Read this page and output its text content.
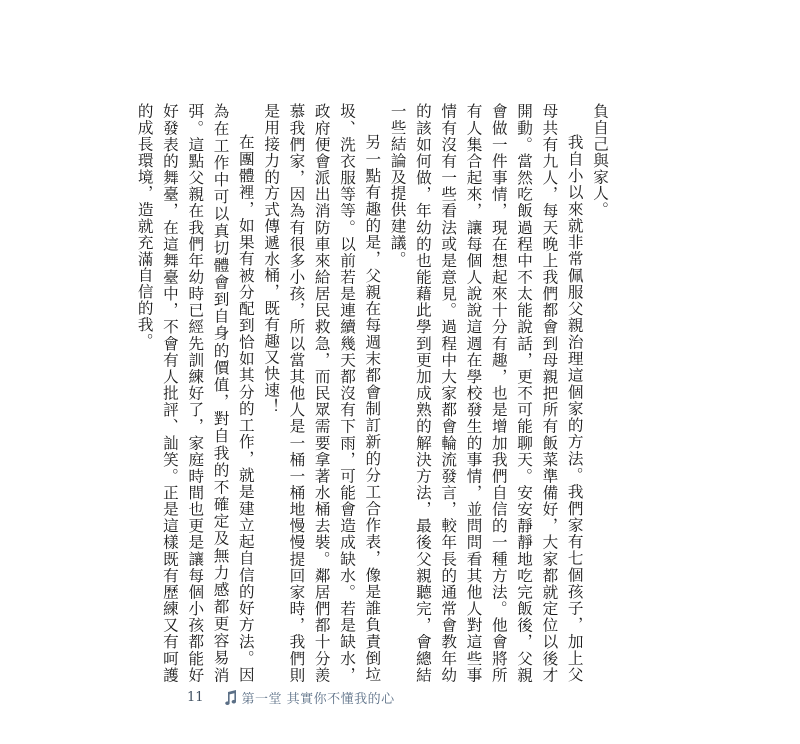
負自己與家人。

我自小以來就非常佩服父親治理這個家的方法。我們家有七個孩子，加上父母共有九人，每天晚上我們都會到母親把所有飯菜準備好，大家都就定位以後才開動。當然吃飯過程中不太能說話，更不可能聊天。安安靜靜地吃完飯後，父親會做一件事情，現在想起來十分有趣，也是增加我們自信的一種方法。他會將所有人集合起來，讓每個人說說這週在學校發生的事情，並問問看其他人對這些事情有沒有一些看法或是意見。過程中大家都會輪流發言，較年長的通常會教年幼的該如何做，年幼的也能藉此學到更加成熟的解決方法，最後父親聽完，會總結一些結論及提供建議。

另一點有趣的是，父親在每週末都會制訂新的分工合作表，像是誰負責倒垃圾、洗衣服等等。以前若是連續幾天都沒有下雨，可能會造成缺水。若是缺水，政府便會派出消防車來給居民救急，而民眾需要拿著水桶去裝。鄰居們都十分羨慕我們家，因為有很多小孩，所以當其他人是一桶一桶地慢慢提回家時，我們則是用接力的方式傳遞水桶，既有趣又快速！

在團體裡，如果有被分配到恰如其分的工作，就是建立起自信的好方法。因為在工作中可以真切體會到自身的價值，對自我的不確定及無力感都更容易消弭。這點父親在我們年幼時已經先訓練好了，家庭時間也更是讓每個小孩都能好好發表的舞臺，在這舞臺中，不會有人批評、訕笑。正是這樣既有歷練又有呵護的成長環境，造就充滿自信的我。

11	第一堂 其實你不懂我的心
